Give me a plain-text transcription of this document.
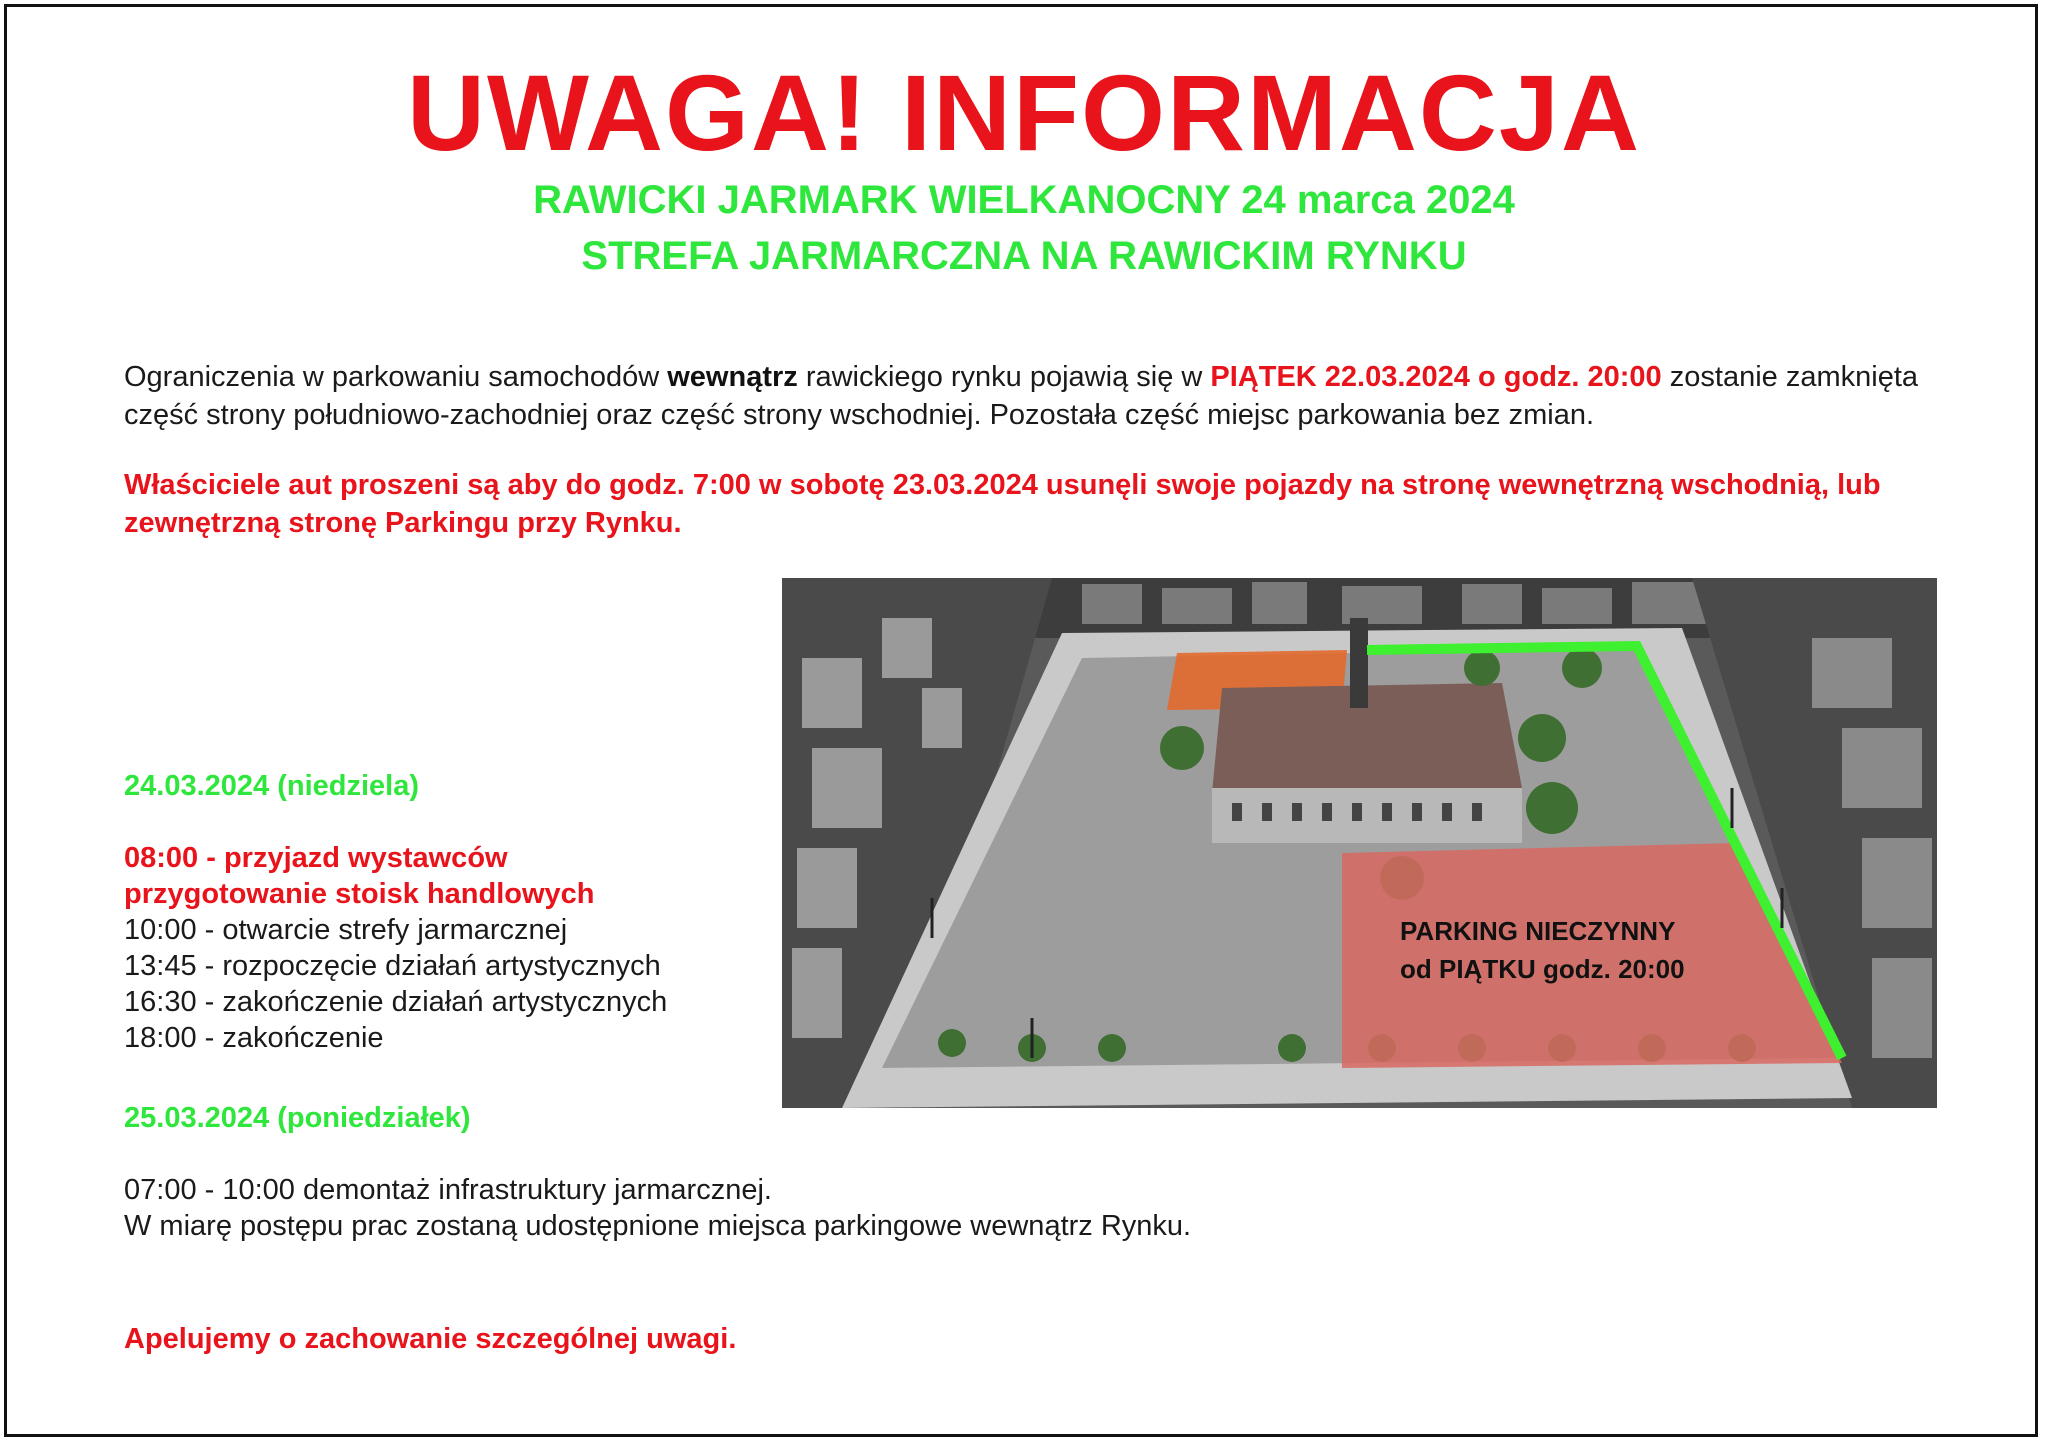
UWAGA! INFORMACJA
RAWICKI JARMARK WIELKANOCNY 24 marca 2024
STREFA JARMARCZNA NA RAWICKIM RYNKU
Ograniczenia w parkowaniu samochodów wewnątrz rawickiego rynku pojawią się w PIĄTEK 22.03.2024 o godz. 20:00 zostanie zamknięta część strony południowo-zachodniej oraz część strony wschodniej. Pozostała część miejsc parkowania bez zmian.
Właściciele aut proszeni są aby do godz. 7:00 w sobotę 23.03.2024 usunęli swoje pojazdy na stronę wewnętrzną wschodnią, lub zewnętrzną stronę Parkingu przy Rynku.
24.03.2024 (niedziela)
08:00 - przyjazd wystawców
przygotowanie stoisk handlowych
10:00 - otwarcie strefy jarmarcznej
13:45 - rozpoczęcie działań artystycznych
16:30 - zakończenie działań artystycznych
18:00 - zakończenie
25.03.2024 (poniedziałek)
07:00 - 10:00 demontaż infrastruktury jarmarcznej.
W miarę postępu prac zostaną udostępnione miejsca parkingowe wewnątrz Rynku.
PARKING NIECZYNNY
od PIĄTKU godz. 20:00
Apelujemy o zachowanie szczególnej uwagi.
